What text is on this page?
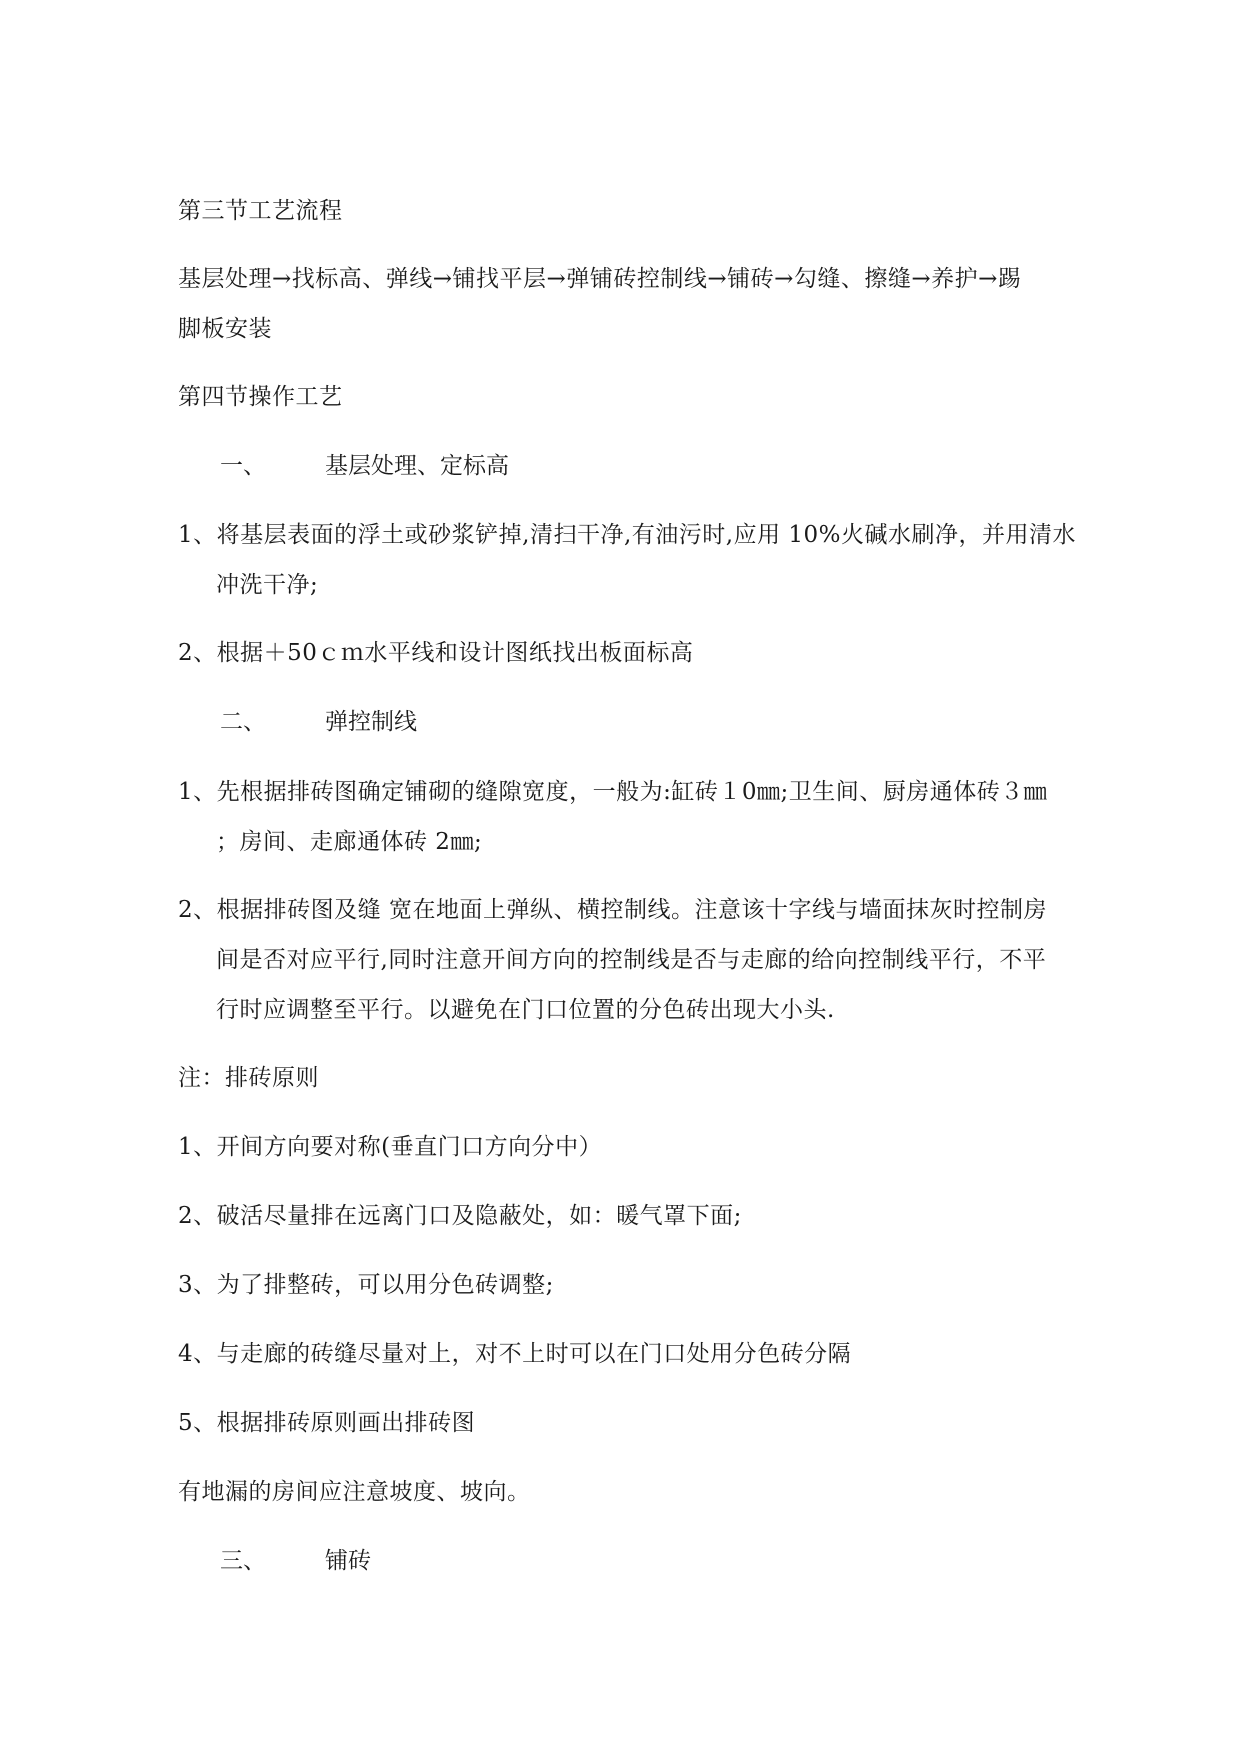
第三节工艺流程
基层处理→找标高、弹线→铺找平层→弹铺砖控制线→铺砖→勾缝、擦缝→养护→踢
脚板安装
第四节操作工艺
一、	基层处理、定标高
1、将基层表面的浮土或砂浆铲掉,清扫干净,有油污时,应用 10%火碱水刷净，并用清水
冲洗干净;
2、根据＋50ｃｍ水平线和设计图纸找出板面标高
二、	弹控制线
1、先根据排砖图确定铺砌的缝隙宽度，一般为:缸砖１0㎜;卫生间、厨房通体砖３㎜
；房间、走廊通体砖 2㎜;
2、根据排砖图及缝 宽在地面上弹纵、横控制线。注意该十字线与墙面抹灰时控制房
间是否对应平行,同时注意开间方向的控制线是否与走廊的给向控制线平行，不平
行时应调整至平行。以避免在门口位置的分色砖出现大小头.
注：排砖原则
1、开间方向要对称(垂直门口方向分中）
2、破活尽量排在远离门口及隐蔽处，如：暖气罩下面;
3、为了排整砖，可以用分色砖调整;
4、与走廊的砖缝尽量对上，对不上时可以在门口处用分色砖分隔
5、根据排砖原则画出排砖图
有地漏的房间应注意坡度、坡向。
三、	铺砖
